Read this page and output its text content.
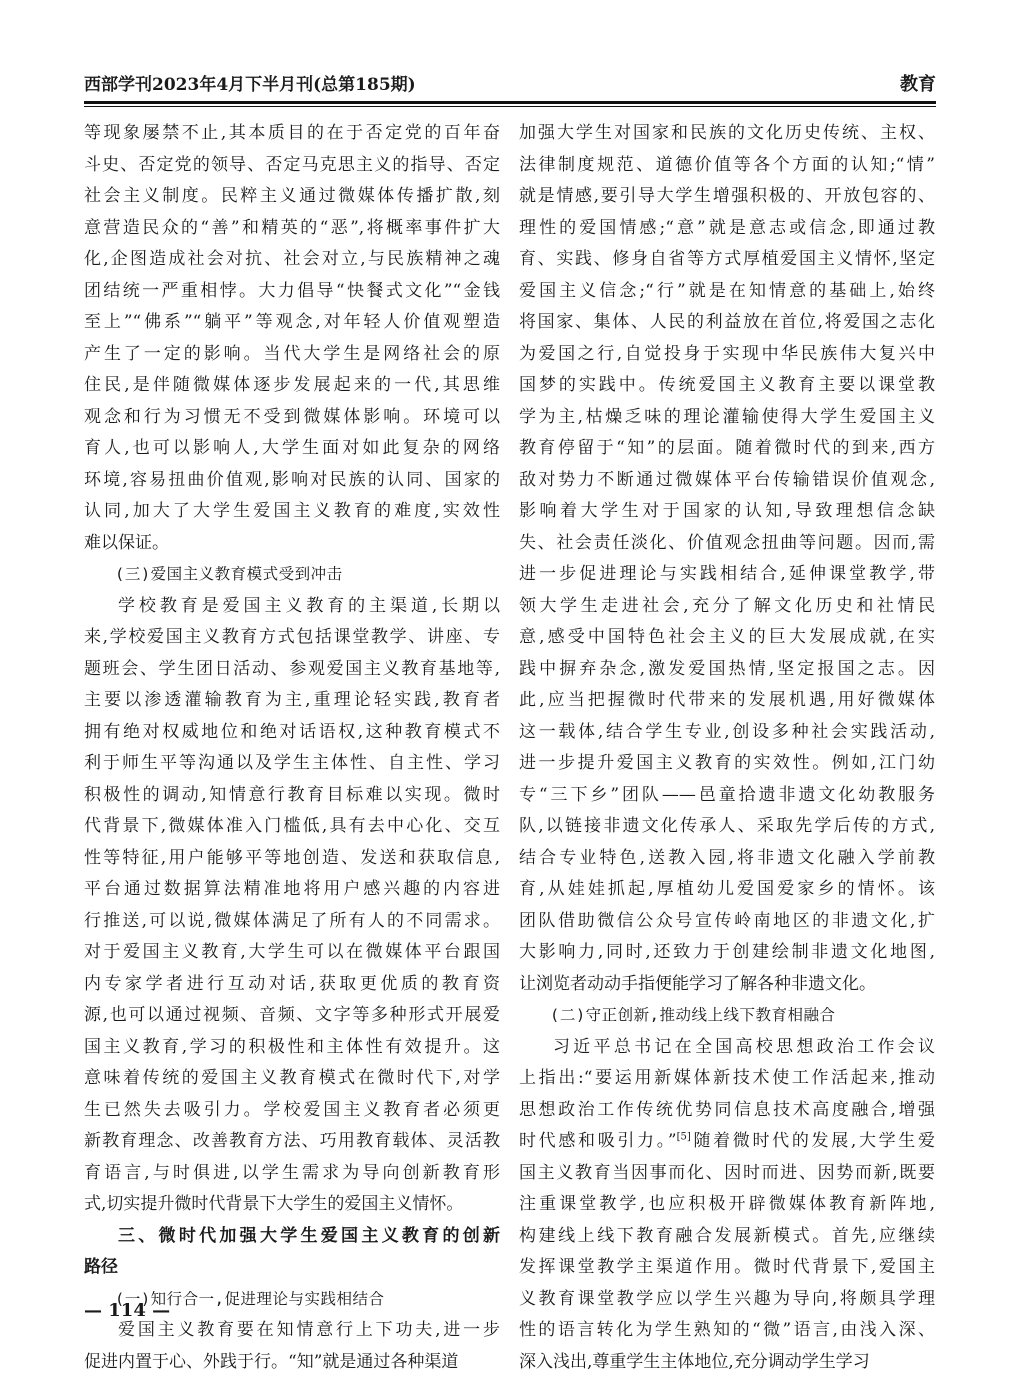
西部学刊2023年4月下半月刊(总第185期)	教育

等现象屡禁不止,其本质目的在于否定党的百年奋
斗史、否定党的领导、否定马克思主义的指导、否定
社会主义制度。民粹主义通过微媒体传播扩散,刻
意营造民众的“善”和精英的“恶”,将概率事件扩大
化,企图造成社会对抗、社会对立,与民族精神之魂
团结统一严重相悖。大力倡导“快餐式文化”“金钱
至上”“佛系”“躺平”等观念,对年轻人价值观塑造
产生了一定的影响。当代大学生是网络社会的原
住民,是伴随微媒体逐步发展起来的一代,其思维
观念和行为习惯无不受到微媒体影响。环境可以
育人,也可以影响人,大学生面对如此复杂的网络
环境,容易扭曲价值观,影响对民族的认同、国家的
认同,加大了大学生爱国主义教育的难度,实效性
难以保证。

(三)爱国主义教育模式受到冲击

学校教育是爱国主义教育的主渠道,长期以
来,学校爱国主义教育方式包括课堂教学、讲座、专
题班会、学生团日活动、参观爱国主义教育基地等,
主要以渗透灌输教育为主,重理论轻实践,教育者
拥有绝对权威地位和绝对话语权,这种教育模式不
利于师生平等沟通以及学生主体性、自主性、学习
积极性的调动,知情意行教育目标难以实现。微时
代背景下,微媒体准入门槛低,具有去中心化、交互
性等特征,用户能够平等地创造、发送和获取信息,
平台通过数据算法精准地将用户感兴趣的内容进
行推送,可以说,微媒体满足了所有人的不同需求。
对于爱国主义教育,大学生可以在微媒体平台跟国
内专家学者进行互动对话,获取更优质的教育资
源,也可以通过视频、音频、文字等多种形式开展爱
国主义教育,学习的积极性和主体性有效提升。这
意味着传统的爱国主义教育模式在微时代下,对学
生已然失去吸引力。学校爱国主义教育者必须更
新教育理念、改善教育方法、巧用教育载体、灵活教
育语言,与时俱进,以学生需求为导向创新教育形
式,切实提升微时代背景下大学生的爱国主义情怀。

三、微时代加强大学生爱国主义教育的创新
路径

(一)知行合一,促进理论与实践相结合

爱国主义教育要在知情意行上下功夫,进一步
促进内置于心、外践于行。“知”就是通过各种渠道

加强大学生对国家和民族的文化历史传统、主权、
法律制度规范、道德价值等各个方面的认知;“情”
就是情感,要引导大学生增强积极的、开放包容的、
理性的爱国情感;“意”就是意志或信念,即通过教
育、实践、修身自省等方式厚植爱国主义情怀,坚定
爱国主义信念;“行”就是在知情意的基础上,始终
将国家、集体、人民的利益放在首位,将爱国之志化
为爱国之行,自觉投身于实现中华民族伟大复兴中
国梦的实践中。传统爱国主义教育主要以课堂教
学为主,枯燥乏味的理论灌输使得大学生爱国主义
教育停留于“知”的层面。随着微时代的到来,西方
敌对势力不断通过微媒体平台传输错误价值观念,
影响着大学生对于国家的认知,导致理想信念缺
失、社会责任淡化、价值观念扭曲等问题。因而,需
进一步促进理论与实践相结合,延伸课堂教学,带
领大学生走进社会,充分了解文化历史和社情民
意,感受中国特色社会主义的巨大发展成就,在实
践中摒弃杂念,激发爱国热情,坚定报国之志。因
此,应当把握微时代带来的发展机遇,用好微媒体
这一载体,结合学生专业,创设多种社会实践活动,
进一步提升爱国主义教育的实效性。例如,江门幼
专“三下乡”团队——邑童拾遗非遗文化幼教服务
队,以链接非遗文化传承人、采取先学后传的方式,
结合专业特色,送教入园,将非遗文化融入学前教
育,从娃娃抓起,厚植幼儿爱国爱家乡的情怀。该
团队借助微信公众号宣传岭南地区的非遗文化,扩
大影响力,同时,还致力于创建绘制非遗文化地图,
让浏览者动动手指便能学习了解各种非遗文化。

(二)守正创新,推动线上线下教育相融合

习近平总书记在全国高校思想政治工作会议
上指出:“要运用新媒体新技术使工作活起来,推动
思想政治工作传统优势同信息技术高度融合,增强
时代感和吸引力。”[5]随着微时代的发展,大学生爱
国主义教育当因事而化、因时而进、因势而新,既要
注重课堂教学,也应积极开辟微媒体教育新阵地,
构建线上线下教育融合发展新模式。首先,应继续
发挥课堂教学主渠道作用。微时代背景下,爱国主
义教育课堂教学应以学生兴趣为导向,将颇具学理
性的语言转化为学生熟知的“微”语言,由浅入深、
深入浅出,尊重学生主体地位,充分调动学生学习

— 114 —
